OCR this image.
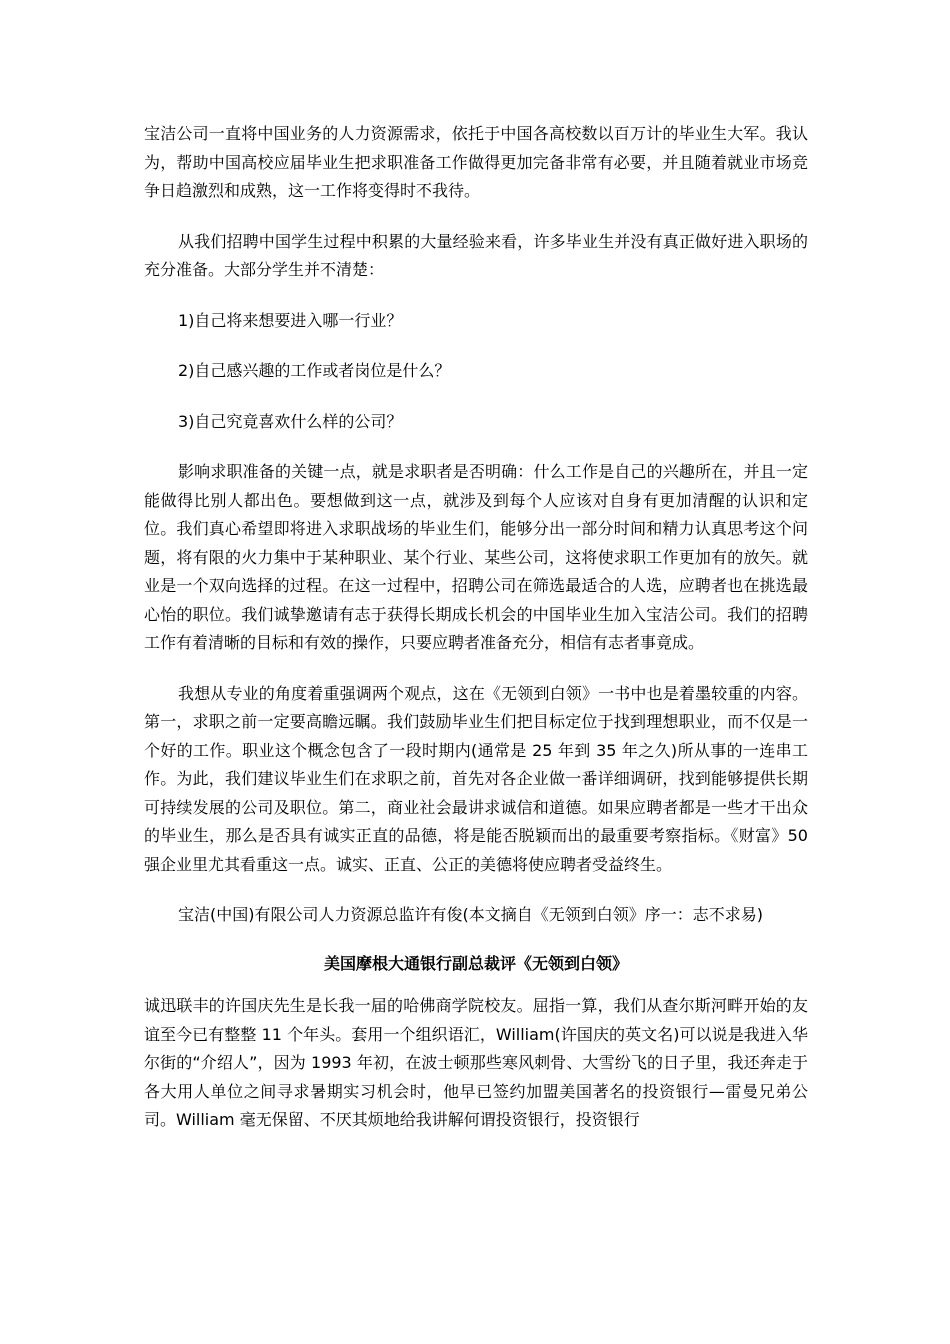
宝洁公司一直将中国业务的人力资源需求，依托于中国各高校数以百万计的毕业生大军。我认为，帮助中国高校应届毕业生把求职准备工作做得更加完备非常有必要，并且随着就业市场竞争日趋激烈和成熟，这一工作将变得时不我待。

从我们招聘中国学生过程中积累的大量经验来看，许多毕业生并没有真正做好进入职场的充分准备。大部分学生并不清楚：

1)自己将来想要进入哪一行业？

2)自己感兴趣的工作或者岗位是什么？

3)自己究竟喜欢什么样的公司？

影响求职准备的关键一点，就是求职者是否明确：什么工作是自己的兴趣所在，并且一定能做得比别人都出色。要想做到这一点，就涉及到每个人应该对自身有更加清醒的认识和定位。我们真心希望即将进入求职战场的毕业生们，能够分出一部分时间和精力认真思考这个问题，将有限的火力集中于某种职业、某个行业、某些公司，这将使求职工作更加有的放矢。就业是一个双向选择的过程。在这一过程中，招聘公司在筛选最适合的人选，应聘者也在挑选最心怡的职位。我们诚挚邀请有志于获得长期成长机会的中国毕业生加入宝洁公司。我们的招聘工作有着清晰的目标和有效的操作，只要应聘者准备充分，相信有志者事竟成。

我想从专业的角度着重强调两个观点，这在《无领到白领》一书中也是着墨较重的内容。第一，求职之前一定要高瞻远瞩。我们鼓励毕业生们把目标定位于找到理想职业，而不仅是一个好的工作。职业这个概念包含了一段时期内(通常是 25 年到 35 年之久)所从事的一连串工作。为此，我们建议毕业生们在求职之前，首先对各企业做一番详细调研，找到能够提供长期可持续发展的公司及职位。第二，商业社会最讲求诚信和道德。如果应聘者都是一些才干出众的毕业生，那么是否具有诚实正直的品德，将是能否脱颖而出的最重要考察指标。《财富》50 强企业里尤其看重这一点。诚实、正直、公正的美德将使应聘者受益终生。

宝洁(中国)有限公司人力资源总监许有俊(本文摘自《无领到白领》序一：志不求易)

美国摩根大通银行副总裁评《无领到白领》

诚迅联丰的许国庆先生是长我一届的哈佛商学院校友。屈指一算，我们从查尔斯河畔开始的友谊至今已有整整 11 个年头。套用一个组织语汇，William(许国庆的英文名)可以说是我进入华尔街的“介绍人”，因为 1993 年初，在波士顿那些寒风刺骨、大雪纷飞的日子里，我还奔走于各大用人单位之间寻求暑期实习机会时，他早已签约加盟美国著名的投资银行—雷曼兄弟公司。William 毫无保留、不厌其烦地给我讲解何谓投资银行，投资银行
